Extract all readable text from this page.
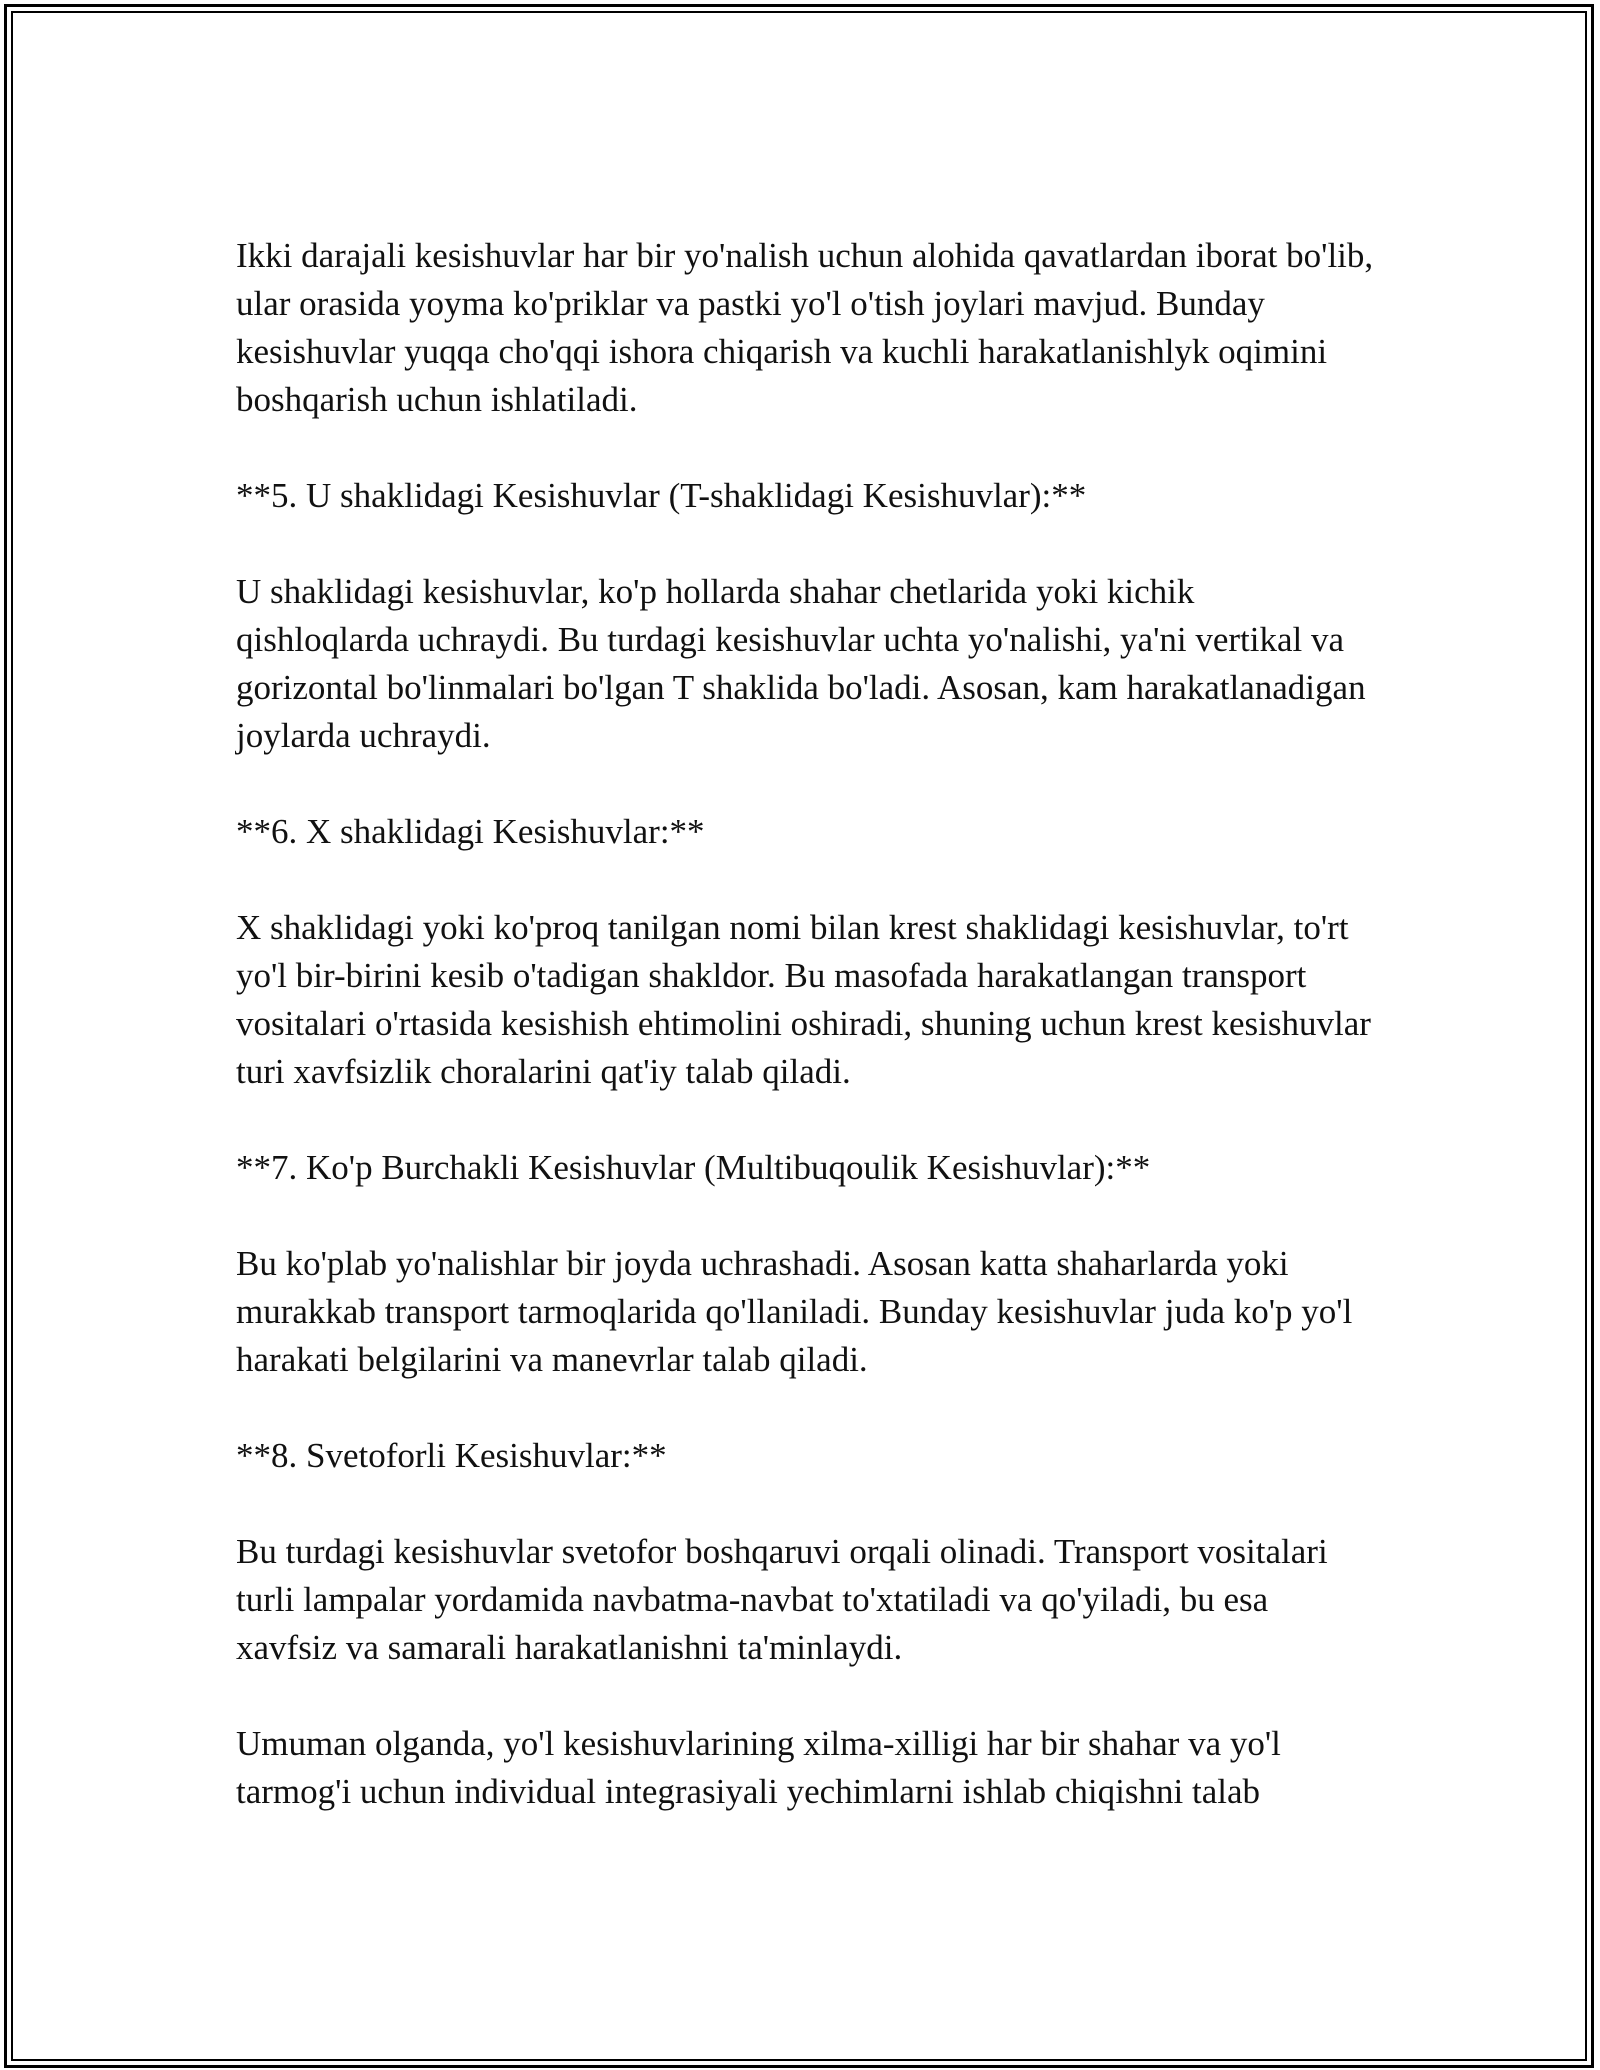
Ikki darajali kesishuvlar har bir yo'nalish uchun alohida qavatlardan iborat bo'lib, ular orasida yoyma ko'priklar va pastki yo'l o'tish joylari mavjud. Bunday kesishuvlar yuqqa cho'qqi ishora chiqarish va kuchli harakatlanishlyk oqimini boshqarish uchun ishlatiladi.

**5. U shaklidagi Kesishuvlar (T-shaklidagi Kesishuvlar):**

U shaklidagi kesishuvlar, ko'p hollarda shahar chetlarida yoki kichik qishloqlarda uchraydi. Bu turdagi kesishuvlar uchta yo'nalishi, ya'ni vertikal va gorizontal bo'linmalari bo'lgan T shaklida bo'ladi. Asosan, kam harakatlanadigan joylarda uchraydi.

**6. X shaklidagi Kesishuvlar:**

X shaklidagi yoki ko'proq tanilgan nomi bilan krest shaklidagi kesishuvlar, to'rt yo'l bir-birini kesib o'tadigan shakldor. Bu masofada harakatlangan transport vositalari o'rtasida kesishish ehtimolini oshiradi, shuning uchun krest kesishuvlar turi xavfsizlik choralarini qat'iy talab qiladi.

**7. Ko'p Burchakli Kesishuvlar (Multibuqoulik Kesishuvlar):**

Bu ko'plab yo'nalishlar bir joyda uchrashadi. Asosan katta shaharlarda yoki murakkab transport tarmoqlarida qo'llaniladi. Bunday kesishuvlar juda ko'p yo'l harakati belgilarini va manevrlar talab qiladi.

**8. Svetoforli Kesishuvlar:**

Bu turdagi kesishuvlar svetofor boshqaruvi orqali olinadi. Transport vositalari turli lampalar yordamida navbatma-navbat to'xtatiladi va qo'yiladi, bu esa xavfsiz va samarali harakatlanishni ta'minlaydi.

Umuman olganda, yo'l kesishuvlarining xilma-xilligi har bir shahar va yo'l tarmog'i uchun individual integrasiyali yechimlarni ishlab chiqishni talab
